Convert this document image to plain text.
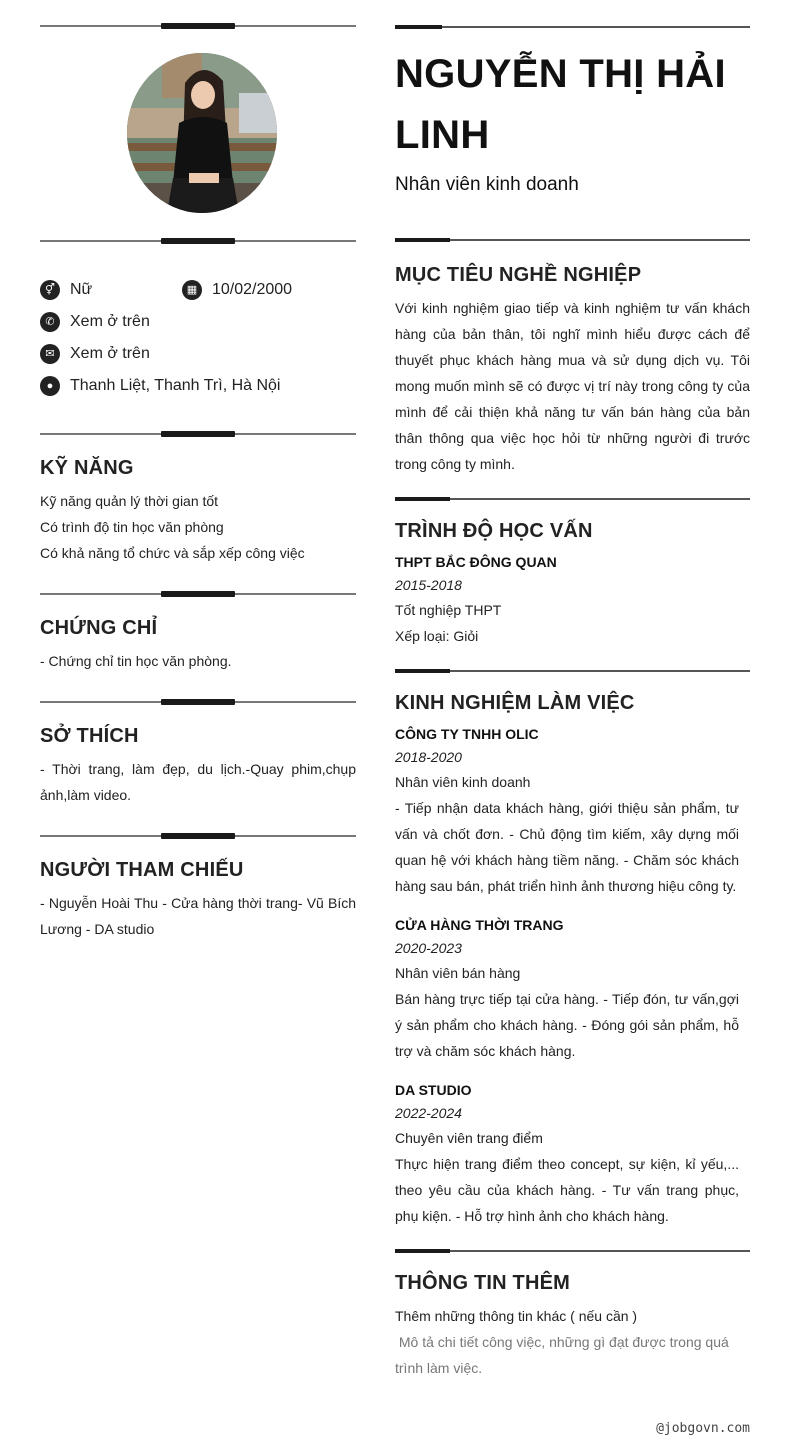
⚥ Nữ	▦ 10/02/2000
✆ Xem ở trên
✉ Xem ở trên
●	Thanh Liệt, Thanh Trì, Hà Nội
KỸ NĂNG
Kỹ năng quản lý thời gian tốt
Có trình độ tin học văn phòng
Có khả năng tổ chức và sắp xếp công việc
CHỨNG CHỈ
- Chứng chỉ tin học văn phòng.
SỞ THÍCH
- Thời trang, làm đẹp, du lịch.-Quay phim,chụp ảnh,làm video.
NGƯỜI THAM CHIẾU
- Nguyễn Hoài Thu - Cửa hàng thời trang- Vũ Bích Lương - DA studio
NGUYỄN THỊ HẢI LINH
Nhân viên kinh doanh
MỤC TIÊU NGHỀ NGHIỆP
Với kinh nghiệm giao tiếp và kinh nghiệm tư vấn khách hàng của bản thân, tôi nghĩ mình hiểu được cách để thuyết phục khách hàng mua và sử dụng dịch vụ. Tôi mong muốn mình sẽ có được vị trí này trong công ty của mình để cải thiện khả năng tư vấn bán hàng của bản thân thông qua việc học hỏi từ những người đi trước trong công ty mình.
TRÌNH ĐỘ HỌC VẤN
THPT BẮC ĐÔNG QUAN
2015-2018
Tốt nghiệp THPT
Xếp loại: Giỏi
KINH NGHIỆM LÀM VIỆC
CÔNG TY TNHH OLIC
2018-2020
Nhân viên kinh doanh
- Tiếp nhận data khách hàng, giới thiệu sản phẩm, tư vấn và chốt đơn. - Chủ động tìm kiếm, xây dựng mối quan hệ với khách hàng tiềm năng. - Chăm sóc khách hàng sau bán, phát triển hình ảnh thương hiệu công ty.
CỬA HÀNG THỜI TRANG
2020-2023
Nhân viên bán hàng
Bán hàng trực tiếp tại cửa hàng. - Tiếp đón, tư vấn,gợi ý sản phẩm cho khách hàng. - Đóng gói sản phẩm, hỗ trợ và chăm sóc khách hàng.
DA STUDIO
2022-2024
Chuyên viên trang điểm
Thực hiện trang điểm theo concept, sự kiện, kỉ yếu,... theo yêu cầu của khách hàng. - Tư vấn trang phục, phụ kiện. - Hỗ trợ hình ảnh cho khách hàng.
THÔNG TIN THÊM
Thêm những thông tin khác ( nếu cần )
Mô tả chi tiết công việc, những gì đạt được trong quá trình làm việc.
@jobgovn.com
